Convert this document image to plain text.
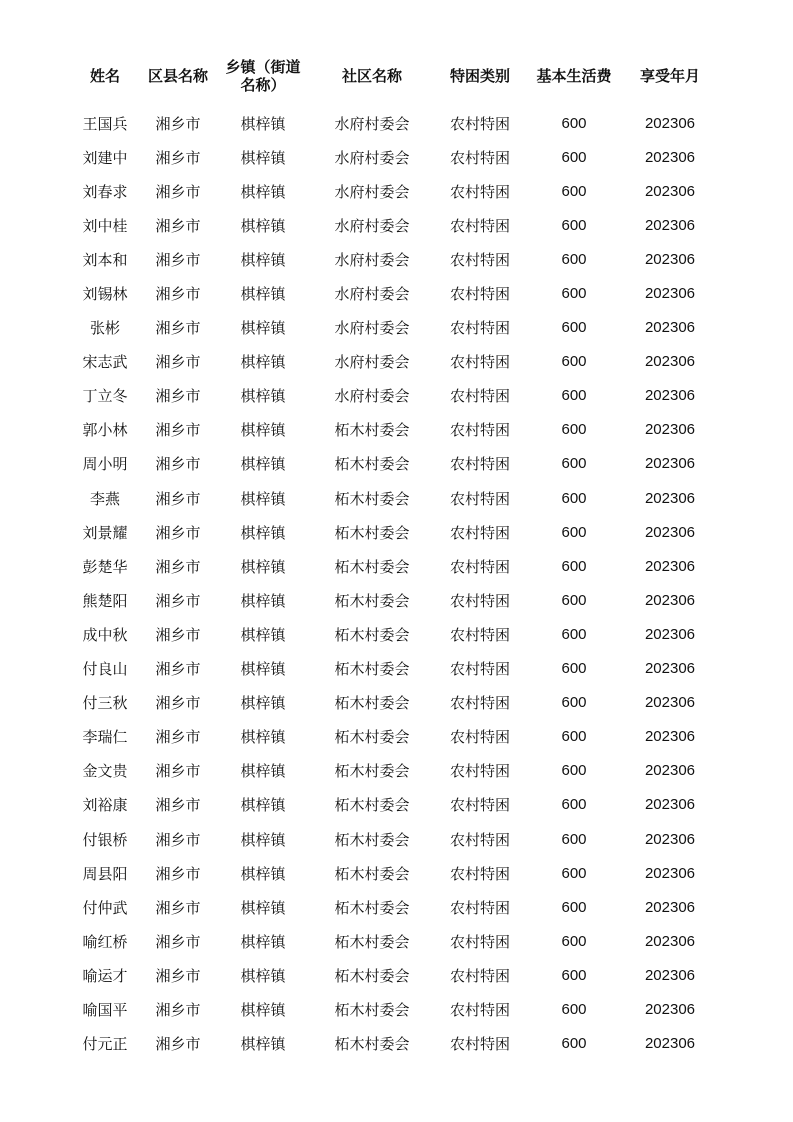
姓名	区县名称	乡镇（街道名称）	社区名称	特困类别	基本生活费	享受年月
王国兵	湘乡市	棋梓镇	水府村委会	农村特困	600	202306
刘建中	湘乡市	棋梓镇	水府村委会	农村特困	600	202306
刘春求	湘乡市	棋梓镇	水府村委会	农村特困	600	202306
刘中桂	湘乡市	棋梓镇	水府村委会	农村特困	600	202306
刘本和	湘乡市	棋梓镇	水府村委会	农村特困	600	202306
刘锡林	湘乡市	棋梓镇	水府村委会	农村特困	600	202306
张彬	湘乡市	棋梓镇	水府村委会	农村特困	600	202306
宋志武	湘乡市	棋梓镇	水府村委会	农村特困	600	202306
丁立冬	湘乡市	棋梓镇	水府村委会	农村特困	600	202306
郭小林	湘乡市	棋梓镇	柘木村委会	农村特困	600	202306
周小明	湘乡市	棋梓镇	柘木村委会	农村特困	600	202306
李燕	湘乡市	棋梓镇	柘木村委会	农村特困	600	202306
刘景耀	湘乡市	棋梓镇	柘木村委会	农村特困	600	202306
彭楚华	湘乡市	棋梓镇	柘木村委会	农村特困	600	202306
熊楚阳	湘乡市	棋梓镇	柘木村委会	农村特困	600	202306
成中秋	湘乡市	棋梓镇	柘木村委会	农村特困	600	202306
付良山	湘乡市	棋梓镇	柘木村委会	农村特困	600	202306
付三秋	湘乡市	棋梓镇	柘木村委会	农村特困	600	202306
李瑞仁	湘乡市	棋梓镇	柘木村委会	农村特困	600	202306
金文贵	湘乡市	棋梓镇	柘木村委会	农村特困	600	202306
刘裕康	湘乡市	棋梓镇	柘木村委会	农村特困	600	202306
付银桥	湘乡市	棋梓镇	柘木村委会	农村特困	600	202306
周县阳	湘乡市	棋梓镇	柘木村委会	农村特困	600	202306
付仲武	湘乡市	棋梓镇	柘木村委会	农村特困	600	202306
喻红桥	湘乡市	棋梓镇	柘木村委会	农村特困	600	202306
喻运才	湘乡市	棋梓镇	柘木村委会	农村特困	600	202306
喻国平	湘乡市	棋梓镇	柘木村委会	农村特困	600	202306
付元正	湘乡市	棋梓镇	柘木村委会	农村特困	600	202306
